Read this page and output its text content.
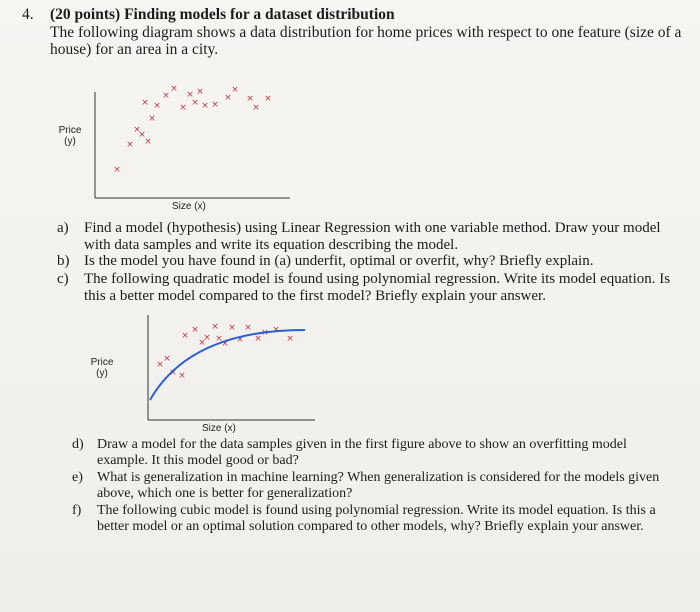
4. (20 points) Finding models for a dataset distribution
The following diagram shows a data distribution for home prices with respect to one feature (size of a house) for an area in a city.
×
×
×
×
×
×
× ×
×
×
×
×
×
×
× ×
×
×
×
×
×
Price
(y)
Size (x)
a) Find a model (hypothesis) using Linear Regression with one variable method. Draw your model with data samples and write its equation describing the model.
b) Is the model you have found in (a) underfit, optimal or overfit, why? Briefly explain.
c) The following quadratic model is found using polynomial regression. Write its model equation. Is this a better model compared to the first model? Briefly explain your answer.
×
×
× ×
×
×
×
×
×
×
×
×
×
×
×
× ×
×
Price
(y)
Size (x)
d) Draw a model for the data samples given in the first figure above to show an overfitting model example. It this model good or bad?
e) What is generalization in machine learning? When generalization is considered for the models given above, which one is better for generalization?
f) The following cubic model is found using polynomial regression. Write its model equation. Is this a better model or an optimal solution compared to other models, why? Briefly explain your answer.
